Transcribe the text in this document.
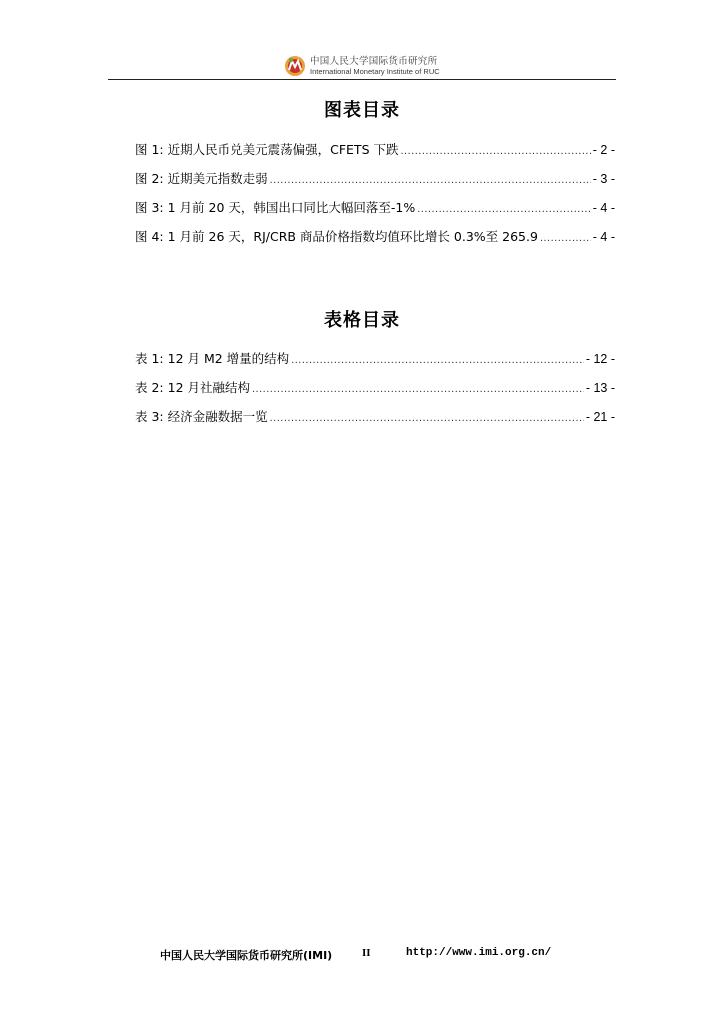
中国人民大学国际货币研究所
International Monetary Institute of RUC
图表目录
图 1: 近期人民币兑美元震荡偏强，CFETS 下跌 .....	- 2 -
图 2: 近期美元指数走弱 .....	- 3 -
图 3: 1 月前 20 天，韩国出口同比大幅回落至-1% .....	- 4 -
图 4: 1 月前 26 天，RJ/CRB 商品价格指数均值环比增长 0.3%至 265.9 .....	- 4 -
表格目录
表 1: 12 月 M2 增量的结构 .....	- 12 -
表 2: 12 月社融结构 .....	- 13 -
表 3: 经济金融数据一览 .....	- 21 -
中国人民大学国际货币研究所(IMI)	II	http://www.imi.org.cn/
